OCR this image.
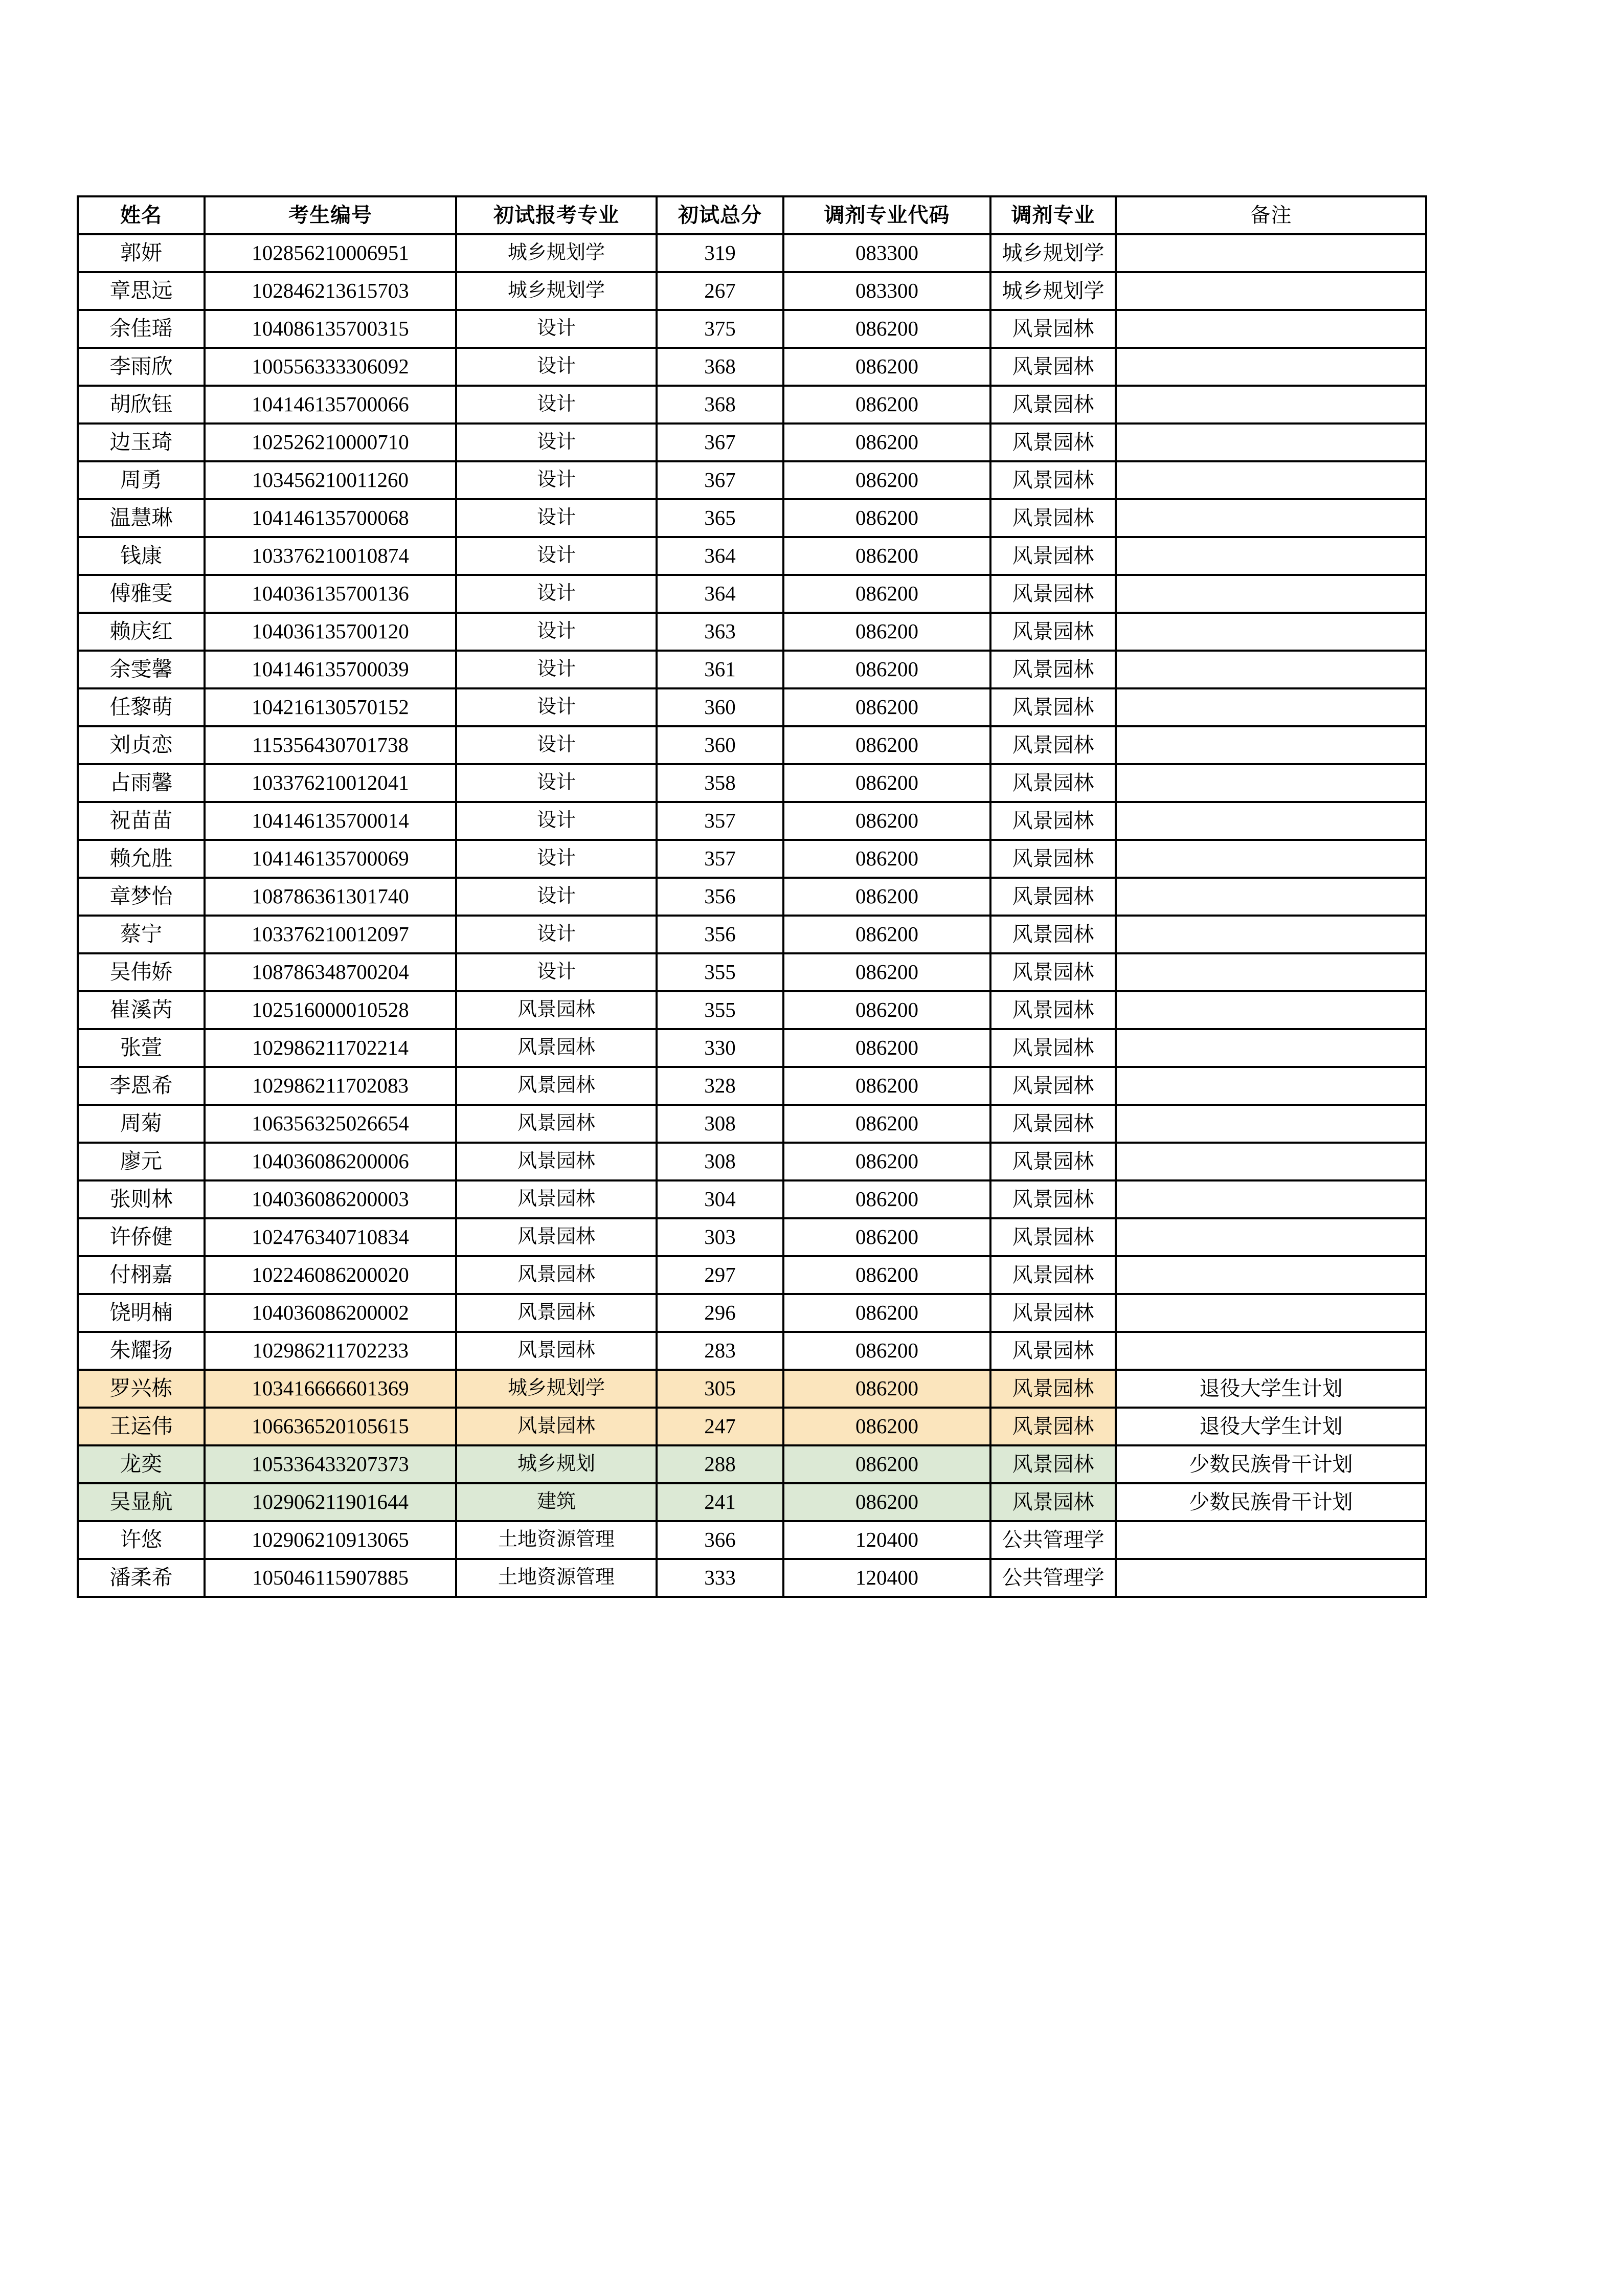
姓名	考生编号	初试报考专业	初试总分	调剂专业代码	调剂专业	备注
郭妍	102856210006951	城乡规划学	319	083300	城乡规划学	
章思远	102846213615703	城乡规划学	267	083300	城乡规划学	
余佳瑶	104086135700315	设计	375	086200	风景园林	
李雨欣	100556333306092	设计	368	086200	风景园林	
胡欣钰	104146135700066	设计	368	086200	风景园林	
边玉琦	102526210000710	设计	367	086200	风景园林	
周勇	103456210011260	设计	367	086200	风景园林	
温慧琳	104146135700068	设计	365	086200	风景园林	
钱康	103376210010874	设计	364	086200	风景园林	
傅雅雯	104036135700136	设计	364	086200	风景园林	
赖庆红	104036135700120	设计	363	086200	风景园林	
余雯馨	104146135700039	设计	361	086200	风景园林	
任黎萌	104216130570152	设计	360	086200	风景园林	
刘贞恋	115356430701738	设计	360	086200	风景园林	
占雨馨	103376210012041	设计	358	086200	风景园林	
祝苗苗	104146135700014	设计	357	086200	风景园林	
赖允胜	104146135700069	设计	357	086200	风景园林	
章梦怡	108786361301740	设计	356	086200	风景园林	
蔡宁	103376210012097	设计	356	086200	风景园林	
吴伟娇	108786348700204	设计	355	086200	风景园林	
崔溪芮	102516000010528	风景园林	355	086200	风景园林	
张萱	102986211702214	风景园林	330	086200	风景园林	
李恩希	102986211702083	风景园林	328	086200	风景园林	
周菊	106356325026654	风景园林	308	086200	风景园林	
廖元	104036086200006	风景园林	308	086200	风景园林	
张则林	104036086200003	风景园林	304	086200	风景园林	
许侨健	102476340710834	风景园林	303	086200	风景园林	
付栩嘉	102246086200020	风景园林	297	086200	风景园林	
饶明楠	104036086200002	风景园林	296	086200	风景园林	
朱耀扬	102986211702233	风景园林	283	086200	风景园林	
罗兴栋	103416666601369	城乡规划学	305	086200	风景园林	退役大学生计划
王运伟	106636520105615	风景园林	247	086200	风景园林	退役大学生计划
龙奕	105336433207373	城乡规划	288	086200	风景园林	少数民族骨干计划
吴显航	102906211901644	建筑	241	086200	风景园林	少数民族骨干计划
许悠	102906210913065	土地资源管理	366	120400	公共管理学	
潘柔希	105046115907885	土地资源管理	333	120400	公共管理学	
